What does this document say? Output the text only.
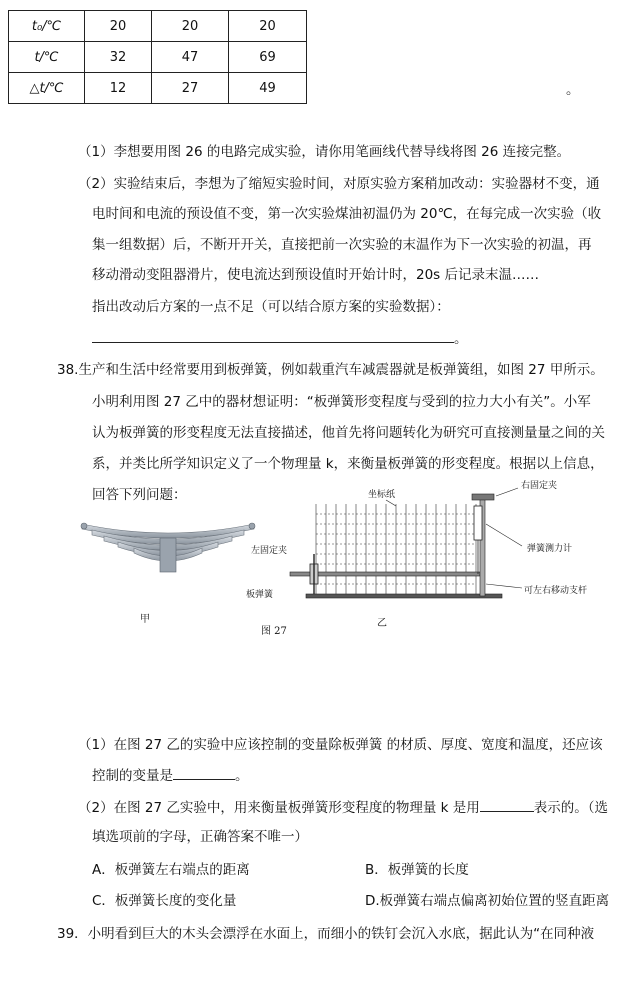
t₀/℃	20	20	20
t/℃	32	47	69
△t/℃	12	27	49	。
（1）李想要用图 26 的电路完成实验，请你用笔画线代替导线将图 26 连接完整。
（2）实验结束后，李想为了缩短实验时间，对原实验方案稍加改动：实验器材不变，通
电时间和电流的预设值不变，第一次实验煤油初温仍为 20℃，在每完成一次实验（收
集一组数据）后，不断开开关，直接把前一次实验的末温作为下一次实验的初温，再
移动滑动变阻器滑片，使电流达到预设值时开始计时，20s 后记录末温……
指出改动后方案的一点不足（可以结合原方案的实验数据）：
。
38.生产和生活中经常要用到板弹簧，例如载重汽车减震器就是板弹簧组，如图 27 甲所示。
小明利用图 27 乙中的器材想证明：“板弹簧形变程度与受到的拉力大小有关”。小军
认为板弹簧的形变程度无法直接描述，他首先将问题转化为研究可直接测量量之间的关
系，并类比所学知识定义了一个物理量 k，来衡量板弹簧的形变程度。根据以上信息，
回答下列问题：
甲
图 27
坐标纸
右固定夹
左固定夹	弹簧测力计
板弹簧	可左右移动支杆
乙
（1）在图 27 乙的实验中应该控制的变量除板弹簧 的材质、厚度、宽度和温度，还应该
控制的变量是	。
（2）在图 27 乙实验中，用来衡量板弹簧形变程度的物理量 k 是用	表示的。（选
填选项前的字母，正确答案不唯一）
A．板弹簧左右端点的距离	B．板弹簧的长度
C．板弹簧长度的变化量	D.板弹簧右端点偏离初始位置的竖直距离
39．小明看到巨大的木头会漂浮在水面上，而细小的铁钉会沉入水底，据此认为“在同种液
